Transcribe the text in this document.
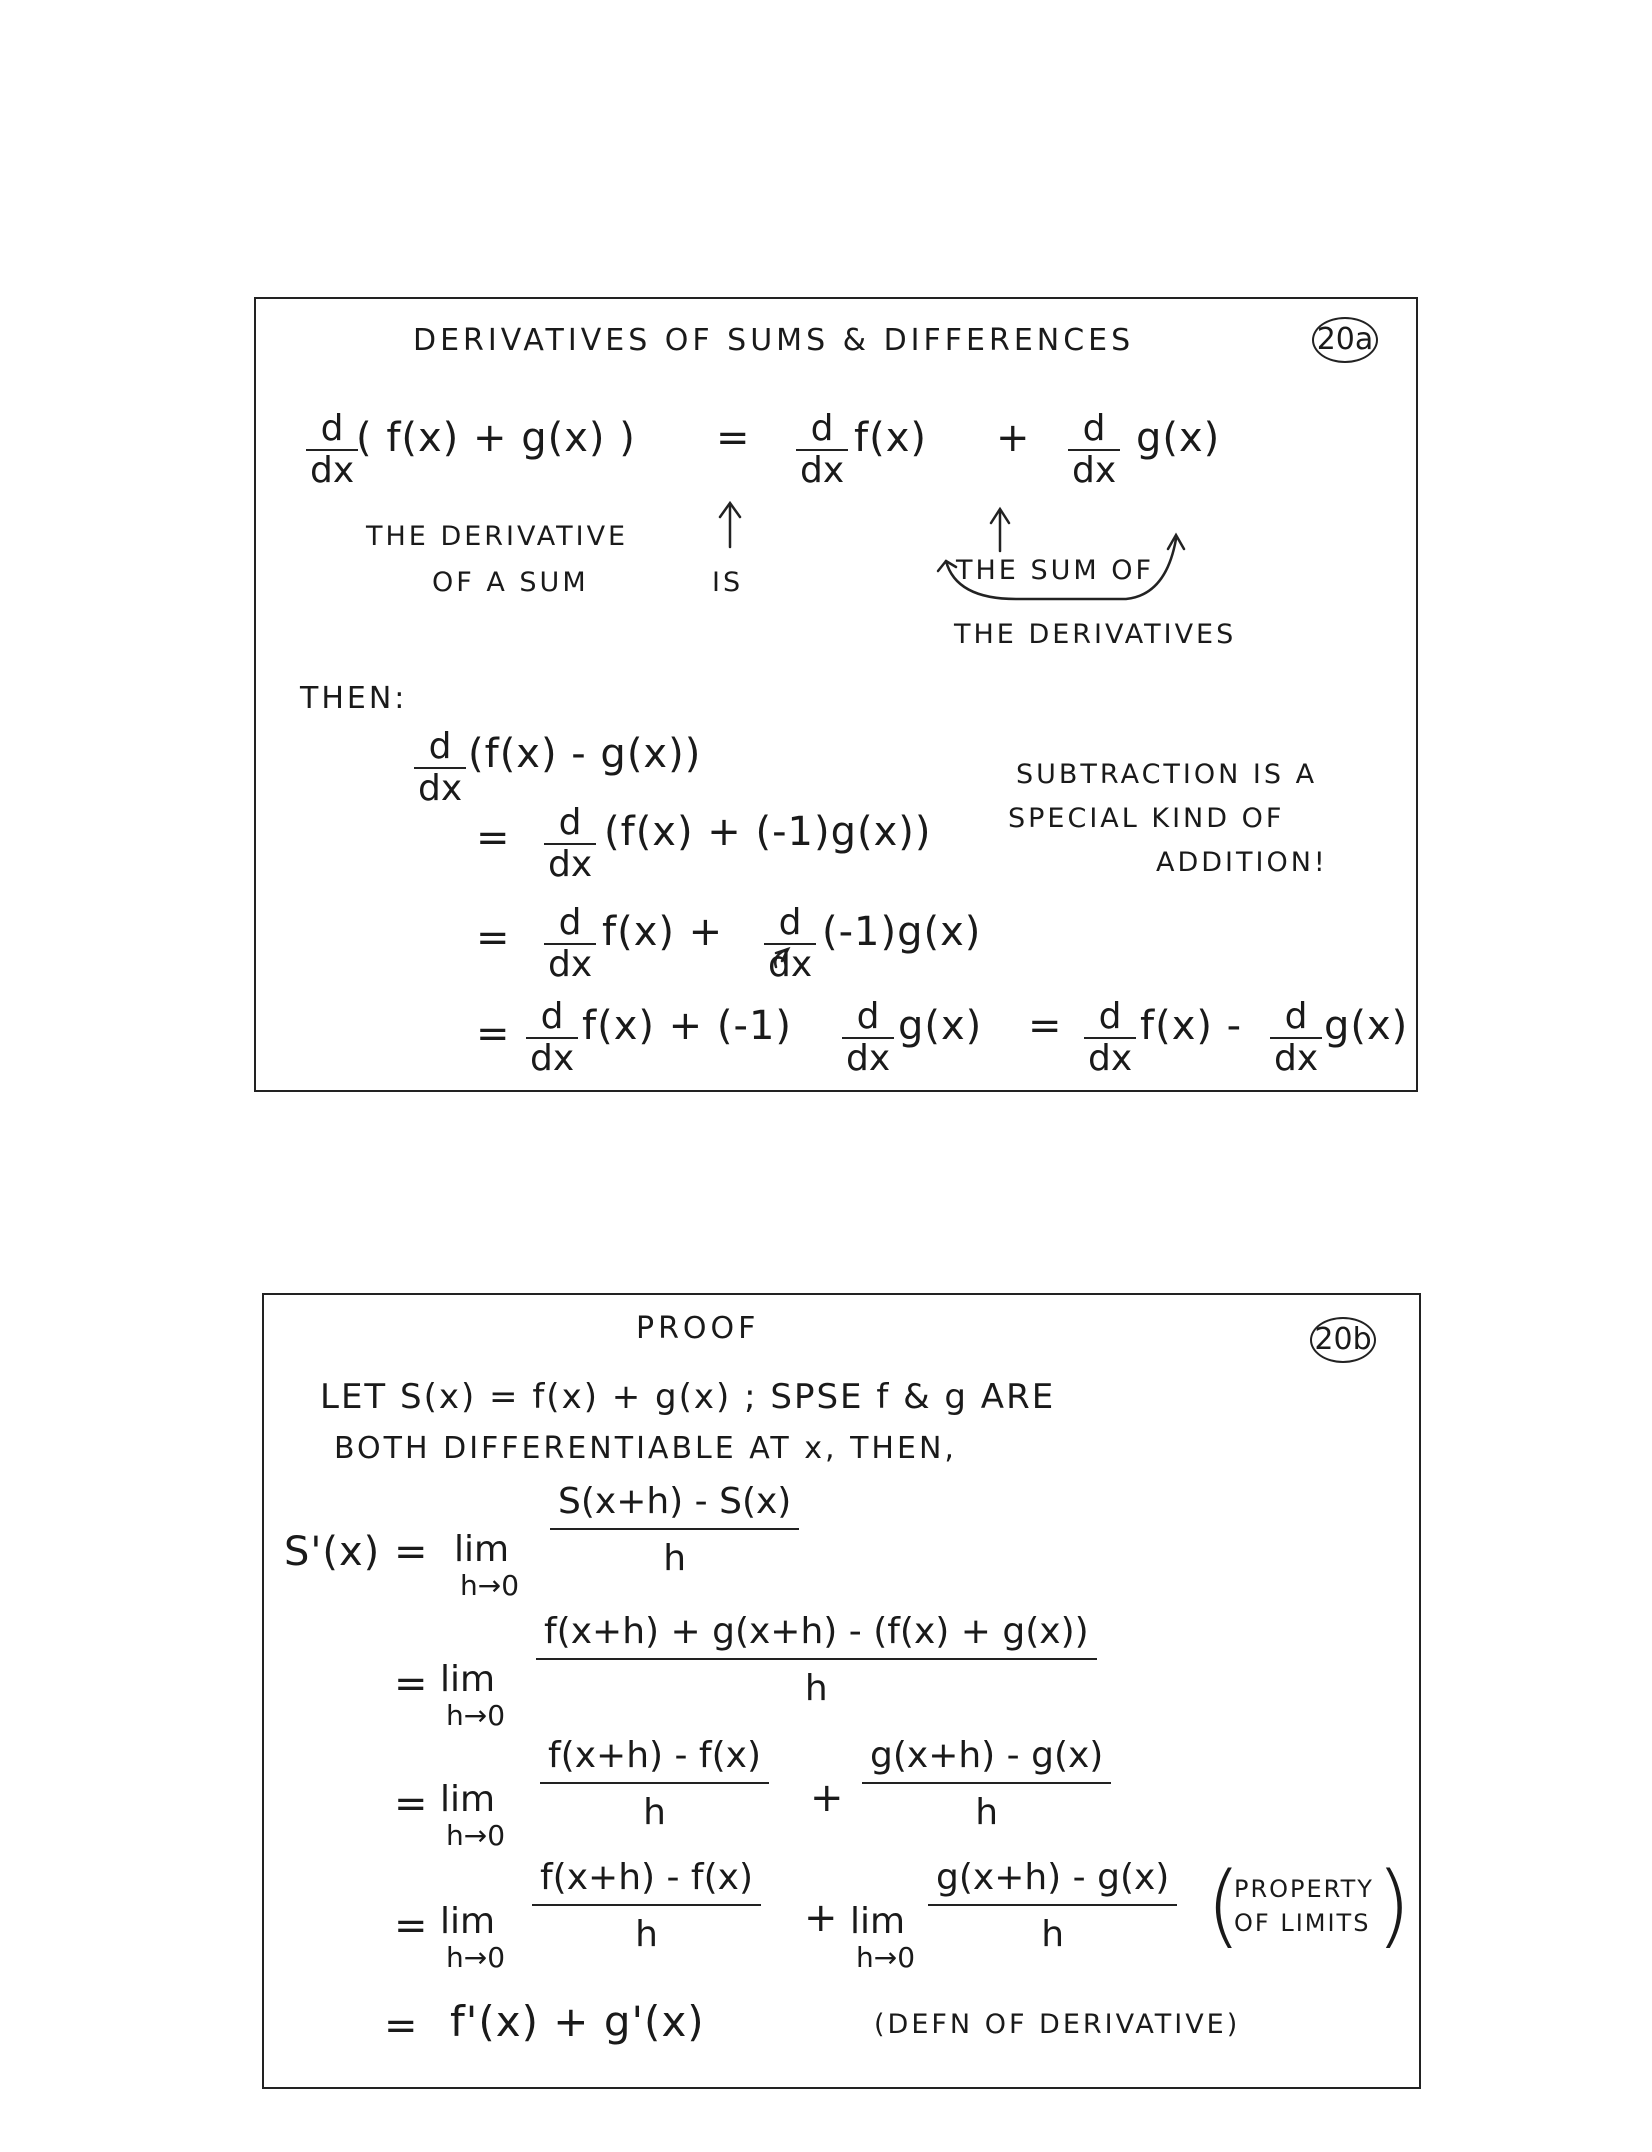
DERIVATIVES OF SUMS & DIFFERENCES	20a
$\frac{d}{dx}$
( f(x) + g(x) ) = $\frac{d}{dx} f(x) + \frac{d}{dx} g(x)$
THE DERIVATIVE
OF A SUM	IS	THE SUM OF
THE DERIVATIVES
THEN:
$\frac{d}{dx} (f(x) - g(x))$	SUBTRACTION IS A
SPECIAL KIND OF
ADDITION!
= $\frac{d}{dx} (f(x) + (-1)g(x))$
= $\frac{d}{dx} f(x) + \frac{d}{dx} (-1)g(x)$
= $\frac{d}{dx} f(x) + (-1) \frac{d}{dx} g(x) = \frac{d}{dx} f(x) - \frac{d}{dx} g(x)$
PROOF	20b
LET S(x) = f(x) + g(x) ; SPSE f & g ARE
BOTH DIFFERENTIABLE AT x, THEN,
S'(x) = lim
h→0
$\frac{S(x+h) - S(x)}{h}$
= lim
h→0
$\frac{f(x+h) + g(x+h) - (f(x) + g(x))}{h}$
= lim
h→0
$\frac{f(x+h) - f(x)}{h} + \frac{g(x+h) - g(x)}{h}$
= lim
h→0
$\frac{f(x+h) - f(x)}{h} + \lim$
h→0
$\frac{g(x+h) - g(x)}{h}$ (
PROPERTY
OF LIMITS )
= f'(x) + g'(x)	(DEFN OF DERIVATIVE)
